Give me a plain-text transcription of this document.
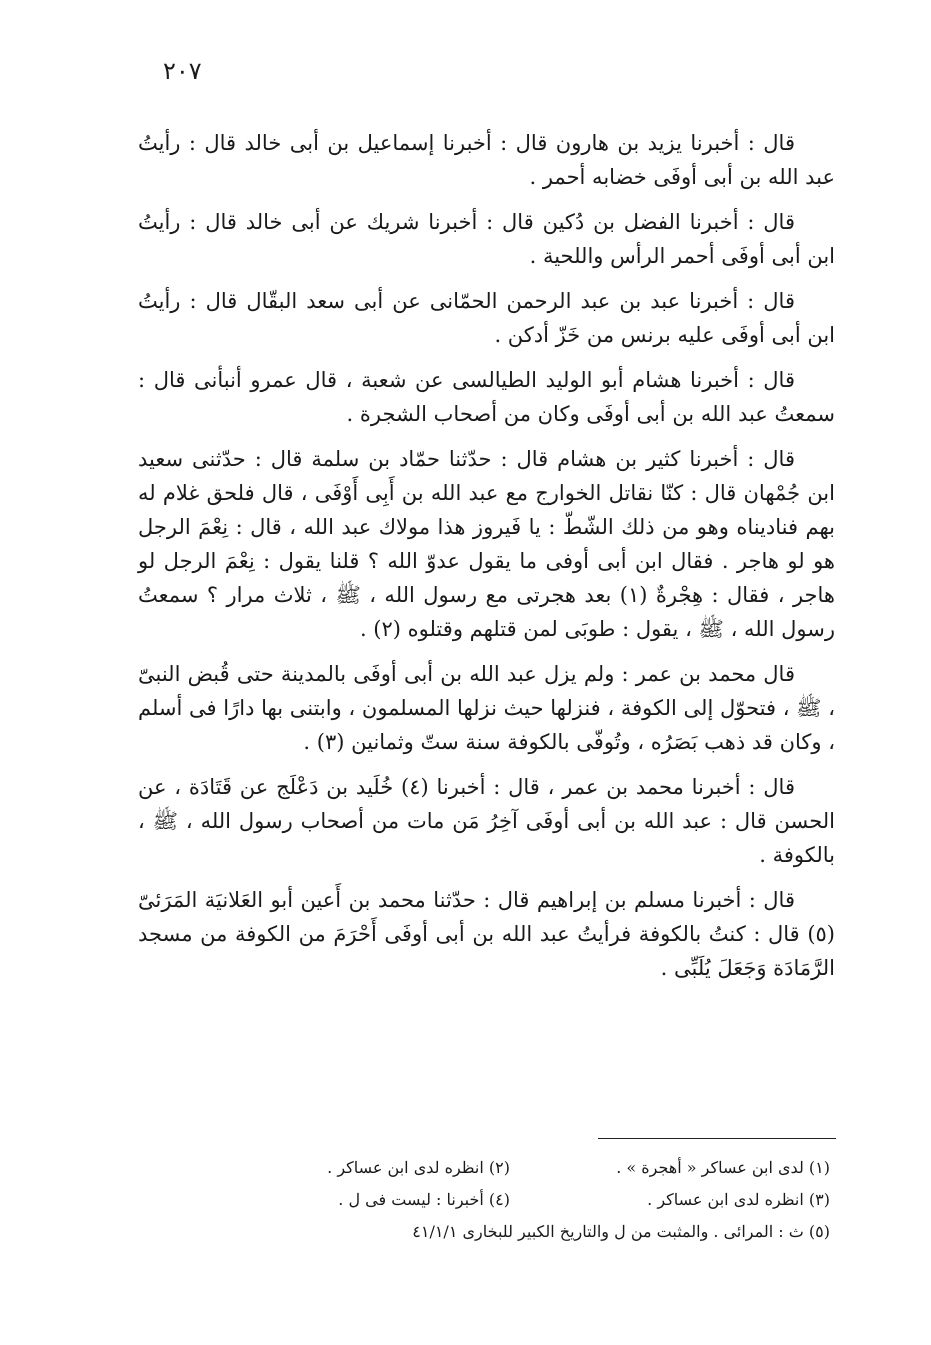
٢٠٧

قال : أخبرنا يزيد بن هارون قال : أخبرنا إسماعيل بن أبى خالد قال : رأيتُ عبد الله بن أبى أوفَى خضابه أحمر .

قال : أخبرنا الفضل بن دُكين قال : أخبرنا شريك عن أبى خالد قال : رأيتُ ابن أبى أوفَى أحمر الرأس واللحية .

قال : أخبرنا عبد بن عبد الرحمن الحمّانى عن أبى سعد البقّال قال : رأيتُ ابن أبى أوفَى عليه برنس من خَزّ أدكن .

قال : أخبرنا هشام أبو الوليد الطيالسى عن شعبة ، قال عمرو أنبأنى قال : سمعتُ عبد الله بن أبى أوفَى وكان من أصحاب الشجرة .

قال : أخبرنا كثير بن هشام قال : حدّثنا حمّاد بن سلمة قال : حدّثنى سعيد ابن جُمْهان قال : كنّا نقاتل الخوارج مع عبد الله بن أَبِى أَوْفَى ، قال فلحق غلام له بهم فناديناه وهو من ذلك الشّطّ : يا فَيروز هذا مولاك عبد الله ، قال : نِعْمَ الرجل هو لو هاجر . فقال ابن أبى أوفى ما يقول عدوّ الله ؟ قلنا يقول : نِعْمَ الرجل لو هاجر ، فقال : هِجْرةٌ (١) بعد هجرتى مع رسول الله ، ﷺ ، ثلاث مرار ؟ سمعتُ رسول الله ، ﷺ ، يقول : طوبَى لمن قتلهم وقتلوه (٢) .

قال محمد بن عمر : ولم يزل عبد الله بن أبى أوفَى بالمدينة حتى قُبض النبىّ ، ﷺ ، فتحوّل إلى الكوفة ، فنزلها حيث نزلها المسلمون ، وابتنى بها دارًا فى أسلم ، وكان قد ذهب بَصَرُه ، وتُوفّى بالكوفة سنة ستّ وثمانين (٣) .

قال : أخبرنا محمد بن عمر ، قال : أخبرنا (٤) خُلَيد بن دَعْلَج عن قَتَادَة ، عن الحسن قال : عبد الله بن أبى أوفَى آخِرُ مَن مات من أصحاب رسول الله ، ﷺ ، بالكوفة .

قال : أخبرنا مسلم بن إبراهيم قال : حدّثنا محمد بن أَعين أبو العَلانيَة المَرَئىّ (٥) قال : كنتُ بالكوفة فرأيتُ عبد الله بن أبى أوفَى أَحْرَمَ من الكوفة من مسجد الرَّمَادَة وَجَعَلَ يُلَبِّى .

(١) لدى ابن عساكر « أهجرة » .
(٢) انظره لدى ابن عساكر .
(٣) انظره لدى ابن عساكر .
(٤) أخبرنا : ليست فى ل .
(٥) ث : المرائى . والمثبت من ل والتاريخ الكبير للبخارى ٤١/١/١
